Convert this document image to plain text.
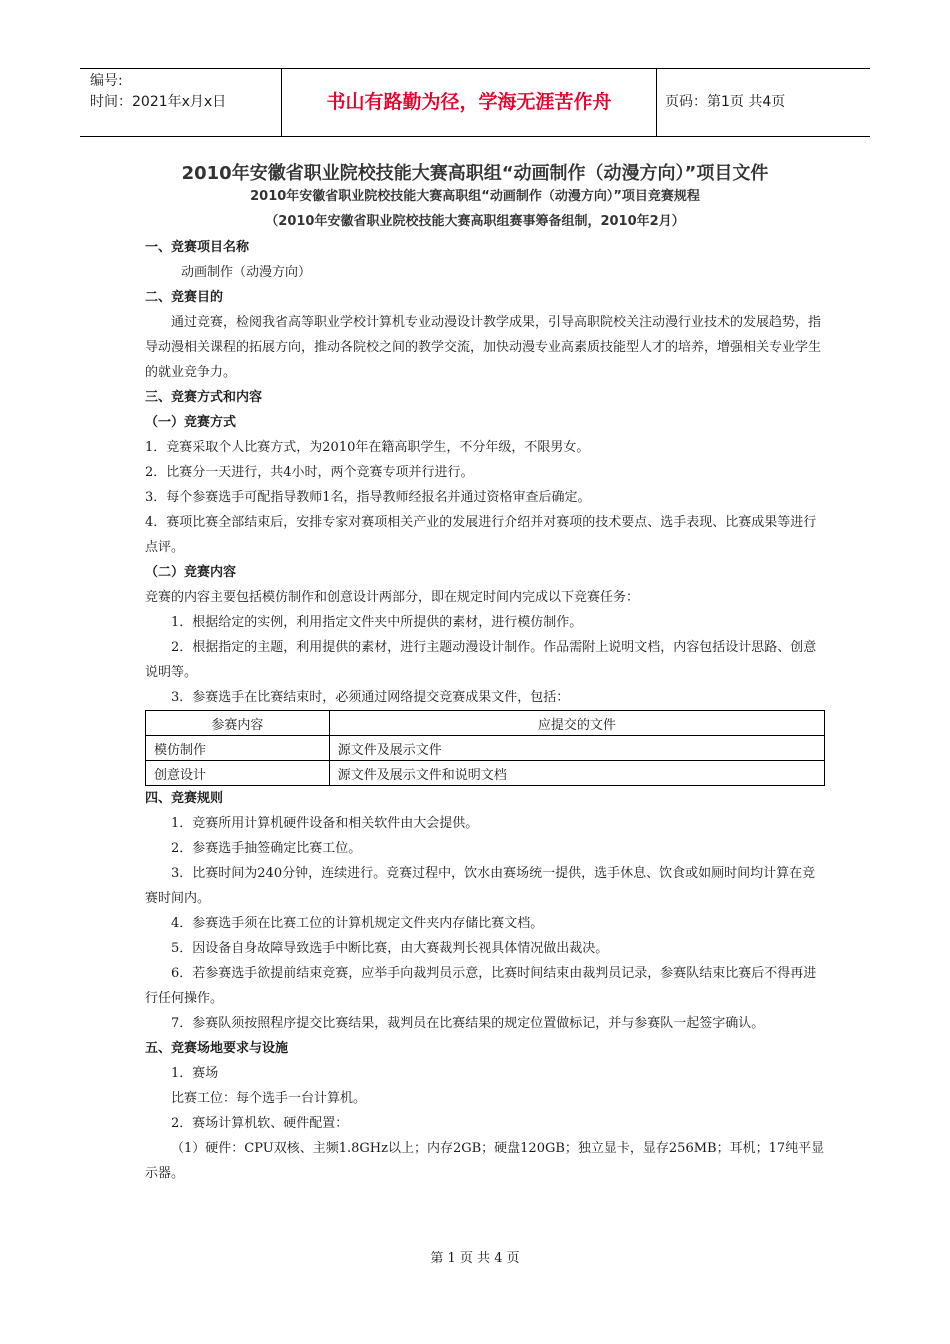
编号:
时间：2021年x月x日	书山有路勤为径，学海无涯苦作舟	页码：第1页 共4页
2010年安徽省职业院校技能大赛高职组“动画制作（动漫方向）”项目文件
2010年安徽省职业院校技能大赛高职组“动画制作（动漫方向）”项目竞赛规程
（2010年安徽省职业院校技能大赛高职组赛事筹备组制，2010年2月）
一、竞赛项目名称
动画制作（动漫方向）
二、竞赛目的
通过竞赛，检阅我省高等职业学校计算机专业动漫设计教学成果，引导高职院校关注动漫行业技术的发展趋势，指导动漫相关课程的拓展方向，推动各院校之间的教学交流，加快动漫专业高素质技能型人才的培养，增强相关专业学生的就业竞争力。
三、竞赛方式和内容
（一）竞赛方式
1．竞赛采取个人比赛方式，为2010年在籍高职学生，不分年级，不限男女。
2．比赛分一天进行，共4小时，两个竞赛专项并行进行。
3．每个参赛选手可配指导教师1名，指导教师经报名并通过资格审查后确定。
4．赛项比赛全部结束后，安排专家对赛项相关产业的发展进行介绍并对赛项的技术要点、选手表现、比赛成果等进行点评。
（二）竞赛内容
竞赛的内容主要包括模仿制作和创意设计两部分，即在规定时间内完成以下竞赛任务：
1．根据给定的实例，利用指定文件夹中所提供的素材，进行模仿制作。
2．根据指定的主题，利用提供的素材，进行主题动漫设计制作。作品需附上说明文档，内容包括设计思路、创意说明等。
3．参赛选手在比赛结束时，必须通过网络提交竞赛成果文件，包括：
参赛内容	应提交的文件
模仿制作	源文件及展示文件
创意设计	源文件及展示文件和说明文档
四、竞赛规则
1．竞赛所用计算机硬件设备和相关软件由大会提供。
2．参赛选手抽签确定比赛工位。
3．比赛时间为240分钟，连续进行。竞赛过程中，饮水由赛场统一提供，选手休息、饮食或如厕时间均计算在竞赛时间内。
4．参赛选手须在比赛工位的计算机规定文件夹内存储比赛文档。
5．因设备自身故障导致选手中断比赛，由大赛裁判长视具体情况做出裁决。
6．若参赛选手欲提前结束竞赛，应举手向裁判员示意，比赛时间结束由裁判员记录，参赛队结束比赛后不得再进行任何操作。
7．参赛队须按照程序提交比赛结果，裁判员在比赛结果的规定位置做标记，并与参赛队一起签字确认。
五、竞赛场地要求与设施
1．赛场
比赛工位：每个选手一台计算机。
2．赛场计算机软、硬件配置：
（1）硬件：CPU双核、主频1.8GHz以上；内存2GB；硬盘120GB；独立显卡，显存256MB；耳机；17纯平显示器。
第 1 页 共 4 页
